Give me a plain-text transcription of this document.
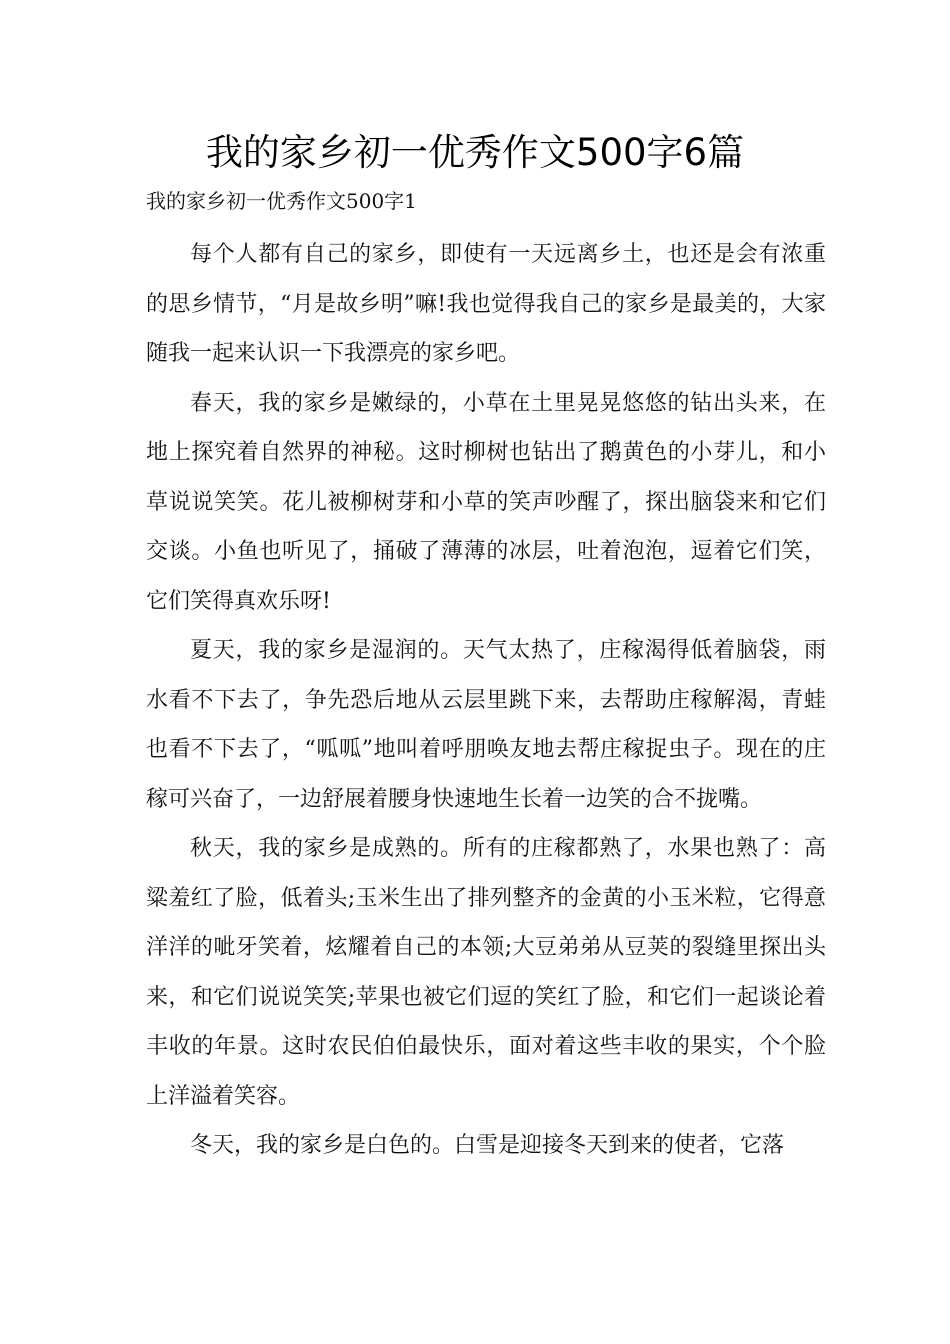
我的家乡初一优秀作文500字6篇

我的家乡初一优秀作文500字1

每个人都有自己的家乡，即使有一天远离乡土，也还是会有浓重的思乡情节，“月是故乡明”嘛!我也觉得我自己的家乡是最美的，大家随我一起来认识一下我漂亮的家乡吧。

春天，我的家乡是嫩绿的，小草在土里晃晃悠悠的钻出头来，在地上探究着自然界的神秘。这时柳树也钻出了鹅黄色的小芽儿，和小草说说笑笑。花儿被柳树芽和小草的笑声吵醒了，探出脑袋来和它们交谈。小鱼也听见了，捅破了薄薄的冰层，吐着泡泡，逗着它们笑，它们笑得真欢乐呀!

夏天，我的家乡是湿润的。天气太热了，庄稼渴得低着脑袋，雨水看不下去了，争先恐后地从云层里跳下来，去帮助庄稼解渴，青蛙也看不下去了，“呱呱”地叫着呼朋唤友地去帮庄稼捉虫子。现在的庄稼可兴奋了，一边舒展着腰身快速地生长着一边笑的合不拢嘴。

秋天，我的家乡是成熟的。所有的庄稼都熟了，水果也熟了：高粱羞红了脸，低着头;玉米生出了排列整齐的金黄的小玉米粒，它得意洋洋的呲牙笑着，炫耀着自己的本领;大豆弟弟从豆荚的裂缝里探出头来，和它们说说笑笑;苹果也被它们逗的笑红了脸，和它们一起谈论着丰收的年景。这时农民伯伯最快乐，面对着这些丰收的果实，个个脸上洋溢着笑容。

冬天，我的家乡是白色的。白雪是迎接冬天到来的使者，它落
